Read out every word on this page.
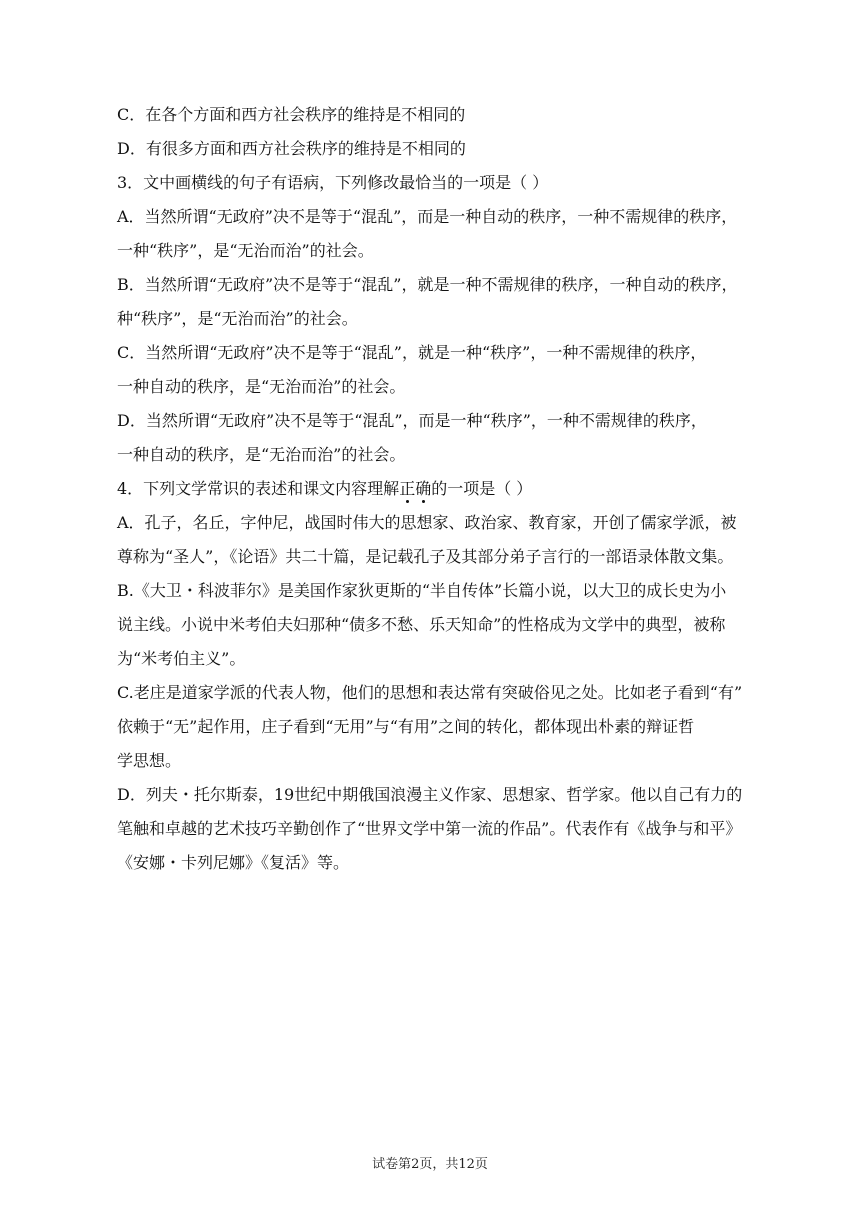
C．在各个方面和西方社会秩序的维持是不相同的
D．有很多方面和西方社会秩序的维持是不相同的
3．文中画横线的句子有语病，下列修改最恰当的一项是（ ）
A．当然所谓“无政府”决不是等于“混乱”，而是一种自动的秩序，一种不需规律的秩序，
一种“秩序”，是“无治而治”的社会。
B．当然所谓“无政府”决不是等于“混乱”，就是一种不需规律的秩序，一种自动的秩序，
种“秩序”，是“无治而治”的社会。
C．当然所谓“无政府”决不是等于“混乱”，就是一种“秩序”，一种不需规律的秩序，
一种自动的秩序，是“无治而治”的社会。
D．当然所谓“无政府”决不是等于“混乱”，而是一种“秩序”，一种不需规律的秩序，
一种自动的秩序，是“无治而治”的社会。
4．下列文学常识的表述和课文内容理解正确的一项是（ ）
A．孔子，名丘，字仲尼，战国时伟大的思想家、政治家、教育家，开创了儒家学派，被
尊称为“圣人”，《论语》共二十篇，是记载孔子及其部分弟子言行的一部语录体散文集。
B.《大卫・科波菲尔》是美国作家狄更斯的“半自传体”长篇小说，以大卫的成长史为小
说主线。小说中米考伯夫妇那种“债多不愁、乐天知命”的性格成为文学中的典型，被称
为“米考伯主义”。
C.老庄是道家学派的代表人物，他们的思想和表达常有突破俗见之处。比如老子看到“有”
依赖于“无”起作用，庄子看到“无用”与“有用”之间的转化，都体现出朴素的辩证哲
学思想。
D．列夫・托尔斯泰，19世纪中期俄国浪漫主义作家、思想家、哲学家。他以自己有力的
笔触和卓越的艺术技巧辛勤创作了“世界文学中第一流的作品”。代表作有《战争与和平》
《安娜・卡列尼娜》《复活》等。
试卷第2页，共12页
